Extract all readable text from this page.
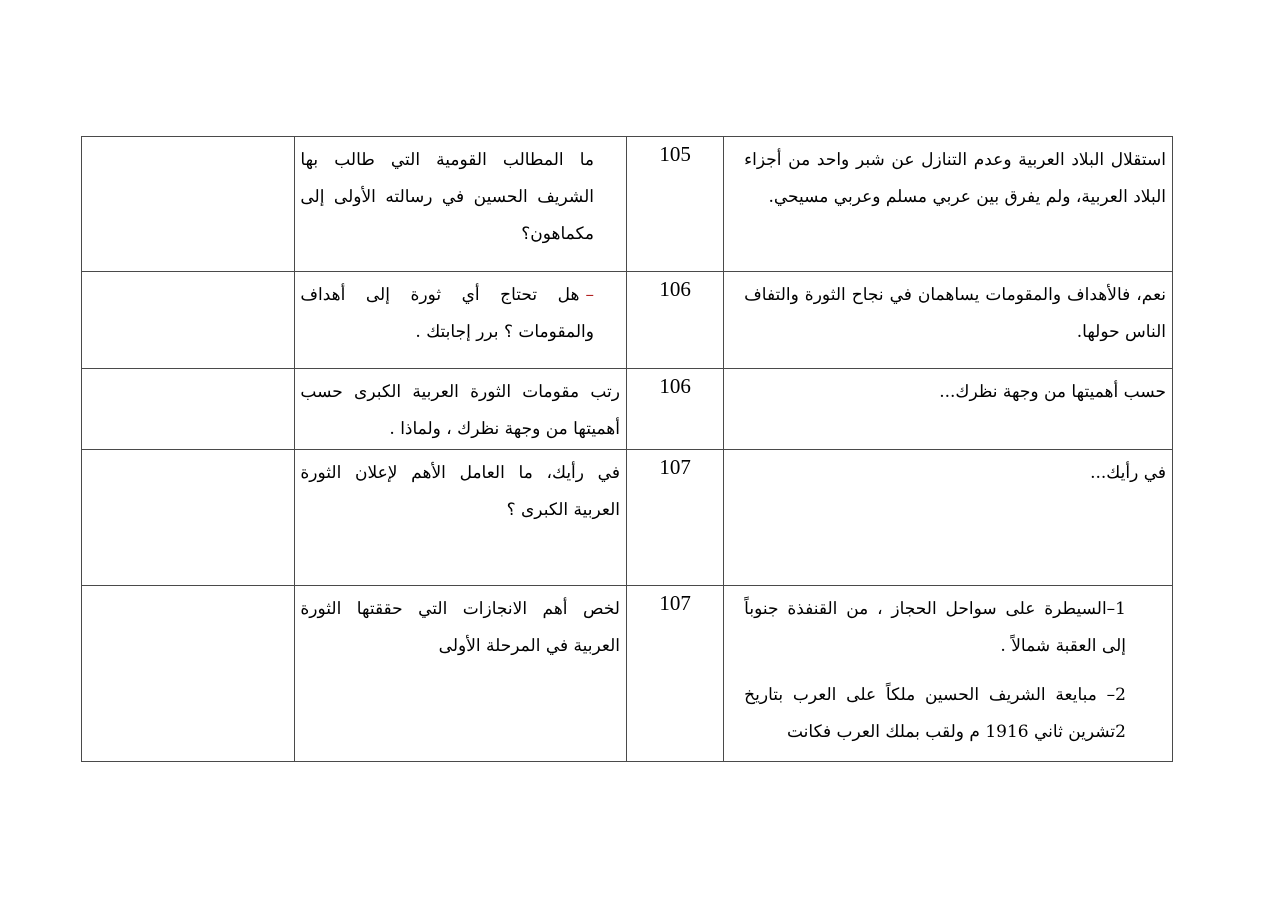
	ما المطالب القومية التي طالب بها الشريف الحسين في رسالته الأولى إلى مكماهون؟	105	استقلال البلاد العربية وعدم التنازل عن شبر واحد من أجزاء البلاد العربية، ولم يفرق بين عربي مسلم وعربي مسيحي.

	–هل تحتاج أي ثورة إلى أهداف والمقومات ؟ برر إجابتك .	106	نعم، فالأهداف والمقومات يساهمان في نجاح الثورة والتفاف الناس حولها.

	رتب مقومات الثورة العربية الكبرى حسب أهميتها من وجهة نظرك ، ولماذا .	106	حسب أهميتها من وجهة نظرك...

	في رأيك، ما العامل الأهم لإعلان الثورة العربية الكبرى ؟	107	في رأيك...

	لخص أهم الانجازات التي حققتها الثورة العربية في المرحلة الأولى	107	1–السيطرة على سواحل الحجاز ، من القنفذة جنوباً إلى العقبة شمالاً .

2– مبايعة الشريف الحسين ملكاً على العرب بتاريخ 2تشرين ثاني 1916 م ولقب بملك العرب فكانت
